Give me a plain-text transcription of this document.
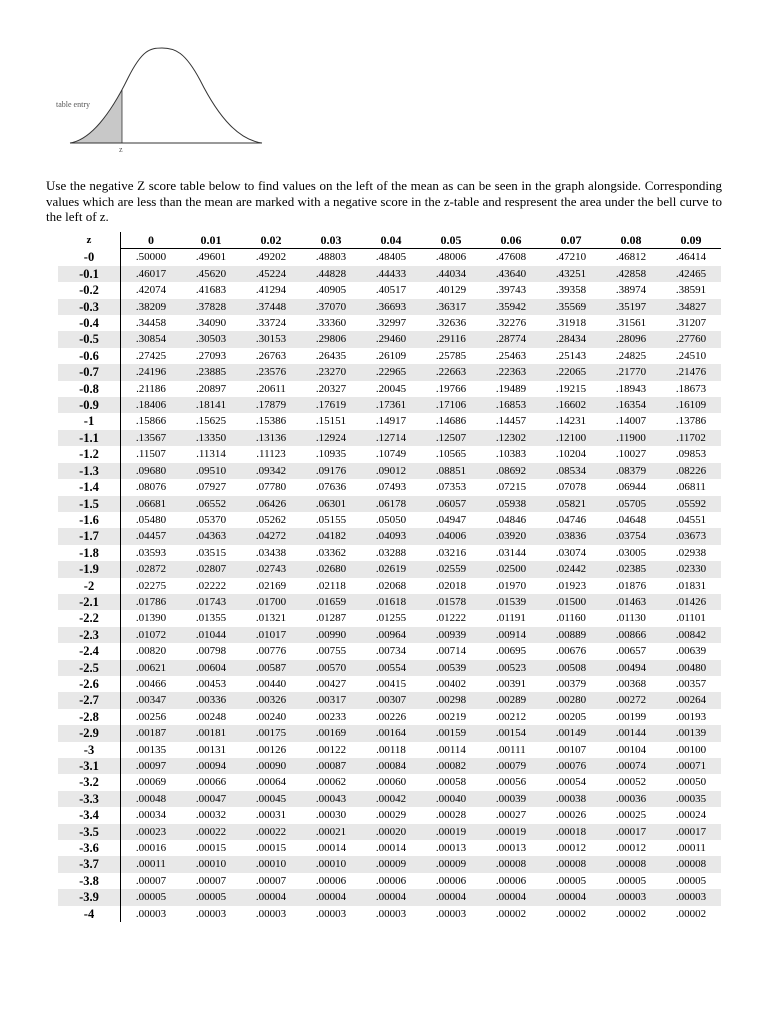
table entry
z

Use the negative Z score table below to find values on the left of the mean as can be seen in the graph alongside. Corresponding values which are less than the mean are marked with a negative score in the z-table and respresent the area under the bell curve to the left of z.

z	0	0.01	0.02	0.03	0.04	0.05	0.06	0.07	0.08	0.09
-0	.50000	.49601	.49202	.48803	.48405	.48006	.47608	.47210	.46812	.46414
-0.1	.46017	.45620	.45224	.44828	.44433	.44034	.43640	.43251	.42858	.42465
-0.2	.42074	.41683	.41294	.40905	.40517	.40129	.39743	.39358	.38974	.38591
-0.3	.38209	.37828	.37448	.37070	.36693	.36317	.35942	.35569	.35197	.34827
-0.4	.34458	.34090	.33724	.33360	.32997	.32636	.32276	.31918	.31561	.31207
-0.5	.30854	.30503	.30153	.29806	.29460	.29116	.28774	.28434	.28096	.27760
-0.6	.27425	.27093	.26763	.26435	.26109	.25785	.25463	.25143	.24825	.24510
-0.7	.24196	.23885	.23576	.23270	.22965	.22663	.22363	.22065	.21770	.21476
-0.8	.21186	.20897	.20611	.20327	.20045	.19766	.19489	.19215	.18943	.18673
-0.9	.18406	.18141	.17879	.17619	.17361	.17106	.16853	.16602	.16354	.16109
-1	.15866	.15625	.15386	.15151	.14917	.14686	.14457	.14231	.14007	.13786
-1.1	.13567	.13350	.13136	.12924	.12714	.12507	.12302	.12100	.11900	.11702
-1.2	.11507	.11314	.11123	.10935	.10749	.10565	.10383	.10204	.10027	.09853
-1.3	.09680	.09510	.09342	.09176	.09012	.08851	.08692	.08534	.08379	.08226
-1.4	.08076	.07927	.07780	.07636	.07493	.07353	.07215	.07078	.06944	.06811
-1.5	.06681	.06552	.06426	.06301	.06178	.06057	.05938	.05821	.05705	.05592
-1.6	.05480	.05370	.05262	.05155	.05050	.04947	.04846	.04746	.04648	.04551
-1.7	.04457	.04363	.04272	.04182	.04093	.04006	.03920	.03836	.03754	.03673
-1.8	.03593	.03515	.03438	.03362	.03288	.03216	.03144	.03074	.03005	.02938
-1.9	.02872	.02807	.02743	.02680	.02619	.02559	.02500	.02442	.02385	.02330
-2	.02275	.02222	.02169	.02118	.02068	.02018	.01970	.01923	.01876	.01831
-2.1	.01786	.01743	.01700	.01659	.01618	.01578	.01539	.01500	.01463	.01426
-2.2	.01390	.01355	.01321	.01287	.01255	.01222	.01191	.01160	.01130	.01101
-2.3	.01072	.01044	.01017	.00990	.00964	.00939	.00914	.00889	.00866	.00842
-2.4	.00820	.00798	.00776	.00755	.00734	.00714	.00695	.00676	.00657	.00639
-2.5	.00621	.00604	.00587	.00570	.00554	.00539	.00523	.00508	.00494	.00480
-2.6	.00466	.00453	.00440	.00427	.00415	.00402	.00391	.00379	.00368	.00357
-2.7	.00347	.00336	.00326	.00317	.00307	.00298	.00289	.00280	.00272	.00264
-2.8	.00256	.00248	.00240	.00233	.00226	.00219	.00212	.00205	.00199	.00193
-2.9	.00187	.00181	.00175	.00169	.00164	.00159	.00154	.00149	.00144	.00139
-3	.00135	.00131	.00126	.00122	.00118	.00114	.00111	.00107	.00104	.00100
-3.1	.00097	.00094	.00090	.00087	.00084	.00082	.00079	.00076	.00074	.00071
-3.2	.00069	.00066	.00064	.00062	.00060	.00058	.00056	.00054	.00052	.00050
-3.3	.00048	.00047	.00045	.00043	.00042	.00040	.00039	.00038	.00036	.00035
-3.4	.00034	.00032	.00031	.00030	.00029	.00028	.00027	.00026	.00025	.00024
-3.5	.00023	.00022	.00022	.00021	.00020	.00019	.00019	.00018	.00017	.00017
-3.6	.00016	.00015	.00015	.00014	.00014	.00013	.00013	.00012	.00012	.00011
-3.7	.00011	.00010	.00010	.00010	.00009	.00009	.00008	.00008	.00008	.00008
-3.8	.00007	.00007	.00007	.00006	.00006	.00006	.00006	.00005	.00005	.00005
-3.9	.00005	.00005	.00004	.00004	.00004	.00004	.00004	.00004	.00003	.00003
-4	.00003	.00003	.00003	.00003	.00003	.00003	.00002	.00002	.00002	.00002
